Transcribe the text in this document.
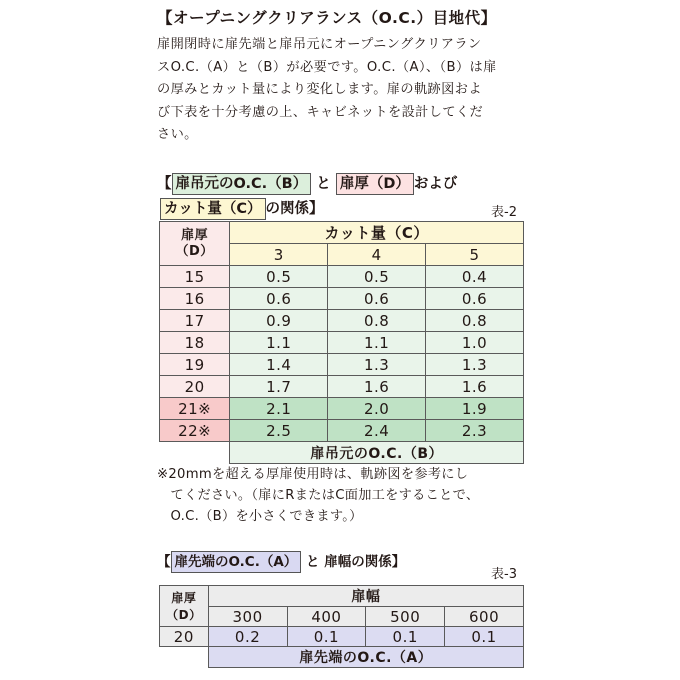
【オープニングクリアランス（O.C.）目地代】
扉開閉時に扉先端と扉吊元にオープニングクリアラン
スO.C.（A）と（B）が必要です。O.C.（A）、（B）は扉
の厚みとカット量により変化します。扉の軌跡図およ
び下表を十分考慮の上、キャビネットを設計してくだ
さい。
【 扉吊元のO.C.（B） と 扉厚（D） および
カット量（C） の関係】	表-2
扉厚
（D）	カット量（C）		
	3	4	5
15	0.5	0.5	0.4
16	0.6	0.6	0.6
17	0.9	0.8	0.8
18	1.1	1.1	1.0
19	1.4	1.3	1.3
20	1.7	1.6	1.6
21※	2.1	2.0	1.9
22※	2.5	2.4	2.3
	扉吊元のO.C.（B）		
※20mmを超える厚扉使用時は、軌跡図を参考にし
　てください。（扉にRまたはC面加工をすることで、
　O.C.（B）を小さくできます。）
【 扉先端のO.C.（A） と 扉幅の関係】
表-3
扉厚（D）	扉幅			
	300	400	500	600
20	0.2	0.1	0.1	0.1
	扉先端のO.C.（A）			
